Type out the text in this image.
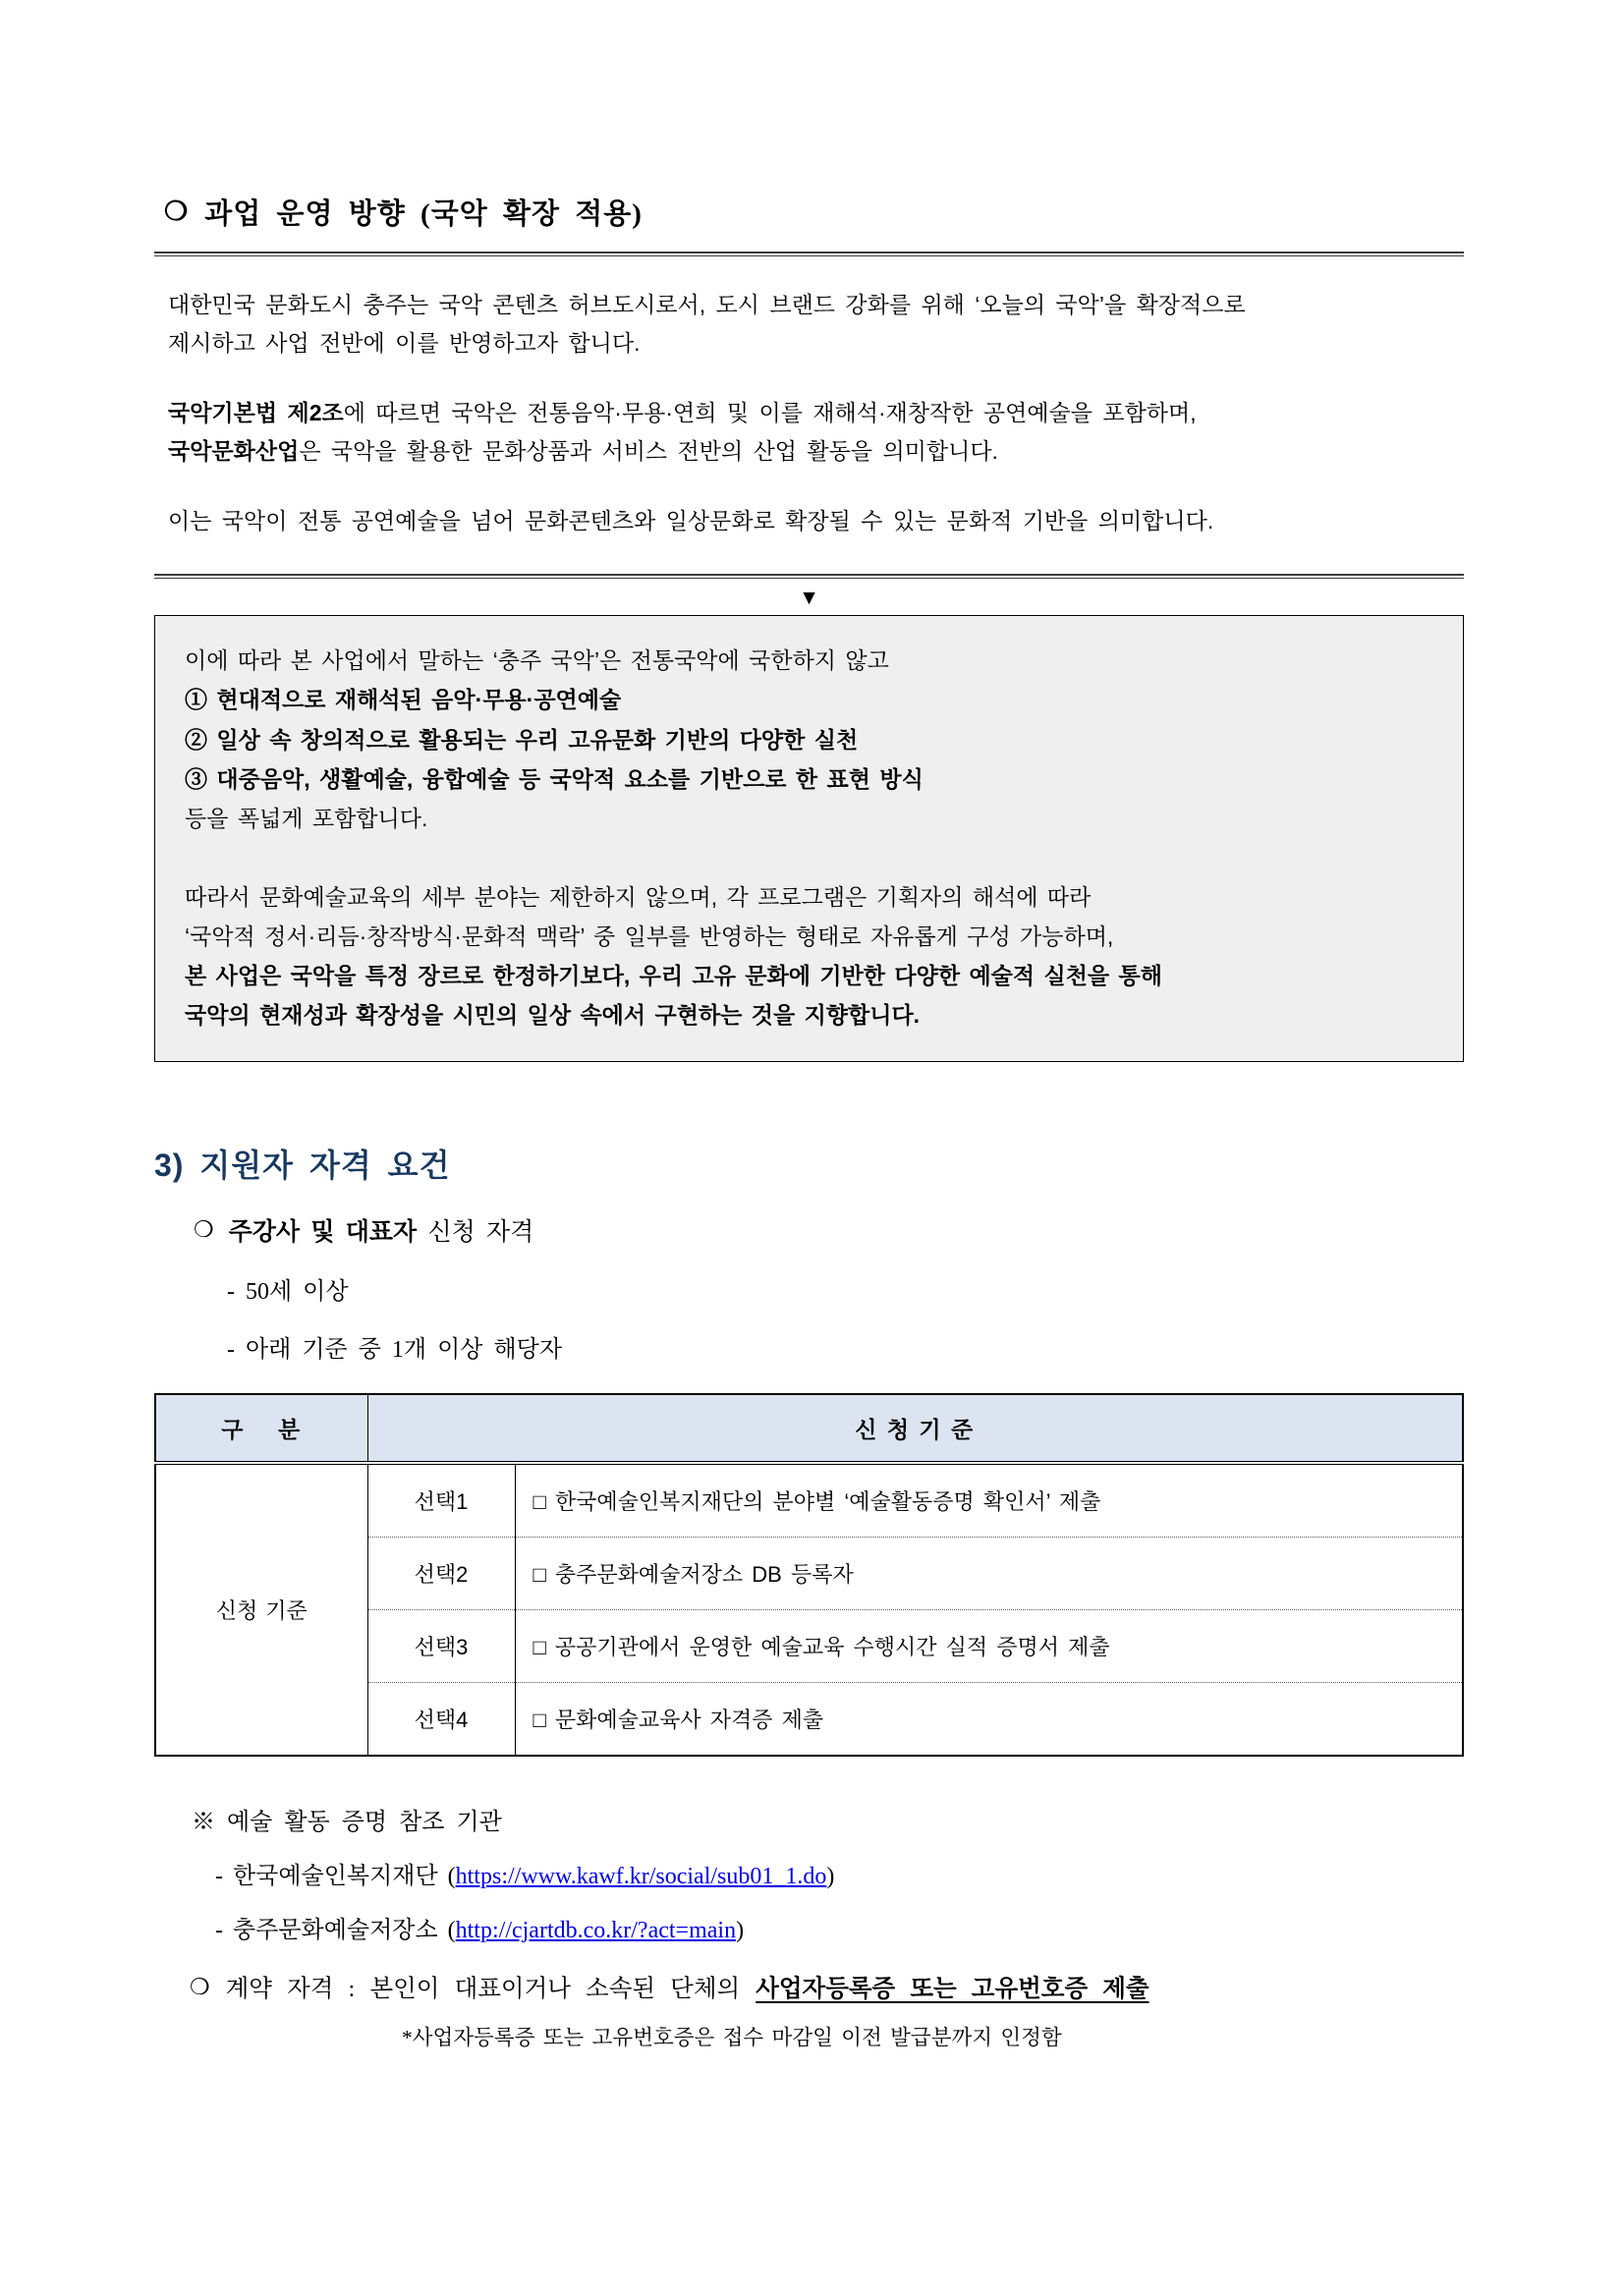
❍ 과업 운영 방향 (국악 확장 적용)
대한민국 문화도시 충주는 국악 콘텐츠 허브도시로서, 도시 브랜드 강화를 위해 ‘오늘의 국악’을 확장적으로
제시하고 사업 전반에 이를 반영하고자 합니다.
국악기본법 제2조에 따르면 국악은 전통음악·무용·연희 및 이를 재해석·재창작한 공연예술을 포함하며,
국악문화산업은 국악을 활용한 문화상품과 서비스 전반의 산업 활동을 의미합니다.
이는 국악이 전통 공연예술을 넘어 문화콘텐츠와 일상문화로 확장될 수 있는 문화적 기반을 의미합니다.
▼
이에 따라 본 사업에서 말하는 ‘충주 국악’은 전통국악에 국한하지 않고
① 현대적으로 재해석된 음악·무용·공연예술
② 일상 속 창의적으로 활용되는 우리 고유문화 기반의 다양한 실천
③ 대중음악, 생활예술, 융합예술 등 국악적 요소를 기반으로 한 표현 방식
등을 폭넓게 포함합니다.
따라서 문화예술교육의 세부 분야는 제한하지 않으며, 각 프로그램은 기획자의 해석에 따라
‘국악적 정서·리듬·창작방식·문화적 맥락’ 중 일부를 반영하는 형태로 자유롭게 구성 가능하며,
본 사업은 국악을 특정 장르로 한정하기보다, 우리 고유 문화에 기반한 다양한 예술적 실천을 통해
국악의 현재성과 확장성을 시민의 일상 속에서 구현하는 것을 지향합니다.
3) 지원자 자격 요건
❍ 주강사 및 대표자 신청 자격
- 50세 이상
- 아래 기준 중 1개 이상 해당자
구    분	신 청 기 준	
신청 기준	선택1	□ 한국예술인복지재단의 분야별 ‘예술활동증명 확인서’ 제출
	선택2	□ 충주문화예술저장소 DB 등록자
	선택3	□ 공공기관에서 운영한 예술교육 수행시간 실적 증명서 제출
	선택4	□ 문화예술교육사 자격증 제출
※ 예술 활동 증명 참조 기관
- 한국예술인복지재단 (https://www.kawf.kr/social/sub01_1.do)
- 충주문화예술저장소 (http://cjartdb.co.kr/?act=main)
❍ 계약 자격 : 본인이 대표이거나 소속된 단체의 사업자등록증 또는 고유번호증 제출
*사업자등록증 또는 고유번호증은 접수 마감일 이전 발급분까지 인정함
